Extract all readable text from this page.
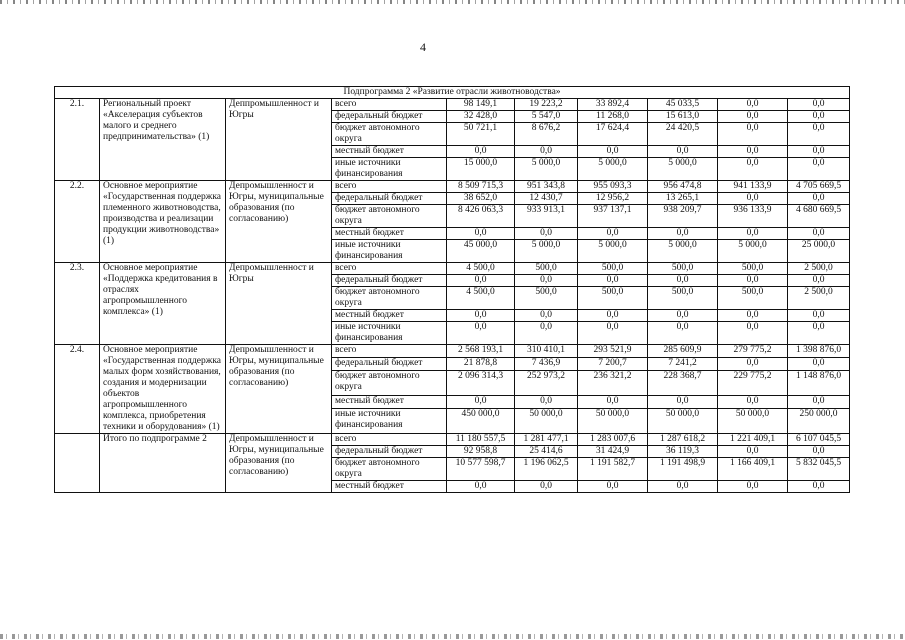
4
Подпрограмма 2 «Развитие отрасли животноводства»									
2.1.	Региональный проект «Акселерация субъектов малого и среднего предпринимательства» (1)	Деппромышленност и Югры	всего	98 149,1	19 223,2	33 892,4	45 033,5	0,0	0,0
			федеральный бюджет	32 428,0	5 547,0	11 268,0	15 613,0	0,0	0,0
			бюджет автономного округа	50 721,1	8 676,2	17 624,4	24 420,5	0,0	0,0
			местный бюджет	0,0	0,0	0,0	0,0	0,0	0,0
			иные источники финансирования	15 000,0	5 000,0	5 000,0	5 000,0	0,0	0,0
2.2.	Основное мероприятие «Государственная поддержка племенного животноводства, производства и реализации продукции животноводства» (1)	Депромышленност и Югры, муниципальные образования (по согласованию)	всего	8 509 715,3	951 343,8	955 093,3	956 474,8	941 133,9	4 705 669,5
			федеральный бюджет	38 652,0	12 430,7	12 956,2	13 265,1	0,0	0,0
			бюджет автономного округа	8 426 063,3	933 913,1	937 137,1	938 209,7	936 133,9	4 680 669,5
			местный бюджет	0,0	0,0	0,0	0,0	0,0	0,0
			иные источники финансирования	45 000,0	5 000,0	5 000,0	5 000,0	5 000,0	25 000,0
2.3.	Основное мероприятие «Поддержка кредитования в отраслях агропромышленного комплекса» (1)	Депромышленност и Югры	всего	4 500,0	500,0	500,0	500,0	500,0	2 500,0
			федеральный бюджет	0,0	0,0	0,0	0,0	0,0	0,0
			бюджет автономного округа	4 500,0	500,0	500,0	500,0	500,0	2 500,0
			местный бюджет	0,0	0,0	0,0	0,0	0,0	0,0
			иные источники финансирования	0,0	0,0	0,0	0,0	0,0	0,0
2.4.	Основное мероприятие «Государственная поддержка малых форм хозяйствования, создания и модернизации объектов агропромышленного комплекса, приобретения техники и оборудования» (1)	Депромышленност и Югры, муниципальные образования (по согласованию)	всего	2 568 193,1	310 410,1	293 521,9	285 609,9	279 775,2	1 398 876,0
			федеральный бюджет	21 878,8	7 436,9	7 200,7	7 241,2	0,0	0,0
			бюджет автономного округа	2 096 314,3	252 973,2	236 321,2	228 368,7	229 775,2	1 148 876,0
			местный бюджет	0,0	0,0	0,0	0,0	0,0	0,0
			иные источники финансирования	450 000,0	50 000,0	50 000,0	50 000,0	50 000,0	250 000,0
	Итого по подпрограмме 2	Депромышленност и Югры, муниципальные образования (по согласованию)	всего	11 180 557,5	1 281 477,1	1 283 007,6	1 287 618,2	1 221 409,1	6 107 045,5
			федеральный бюджет	92 958,8	25 414,6	31 424,9	36 119,3	0,0	0,0
			бюджет автономного округа	10 577 598,7	1 196 062,5	1 191 582,7	1 191 498,9	1 166 409,1	5 832 045,5
			местный бюджет	0,0	0,0	0,0	0,0	0,0	0,0
